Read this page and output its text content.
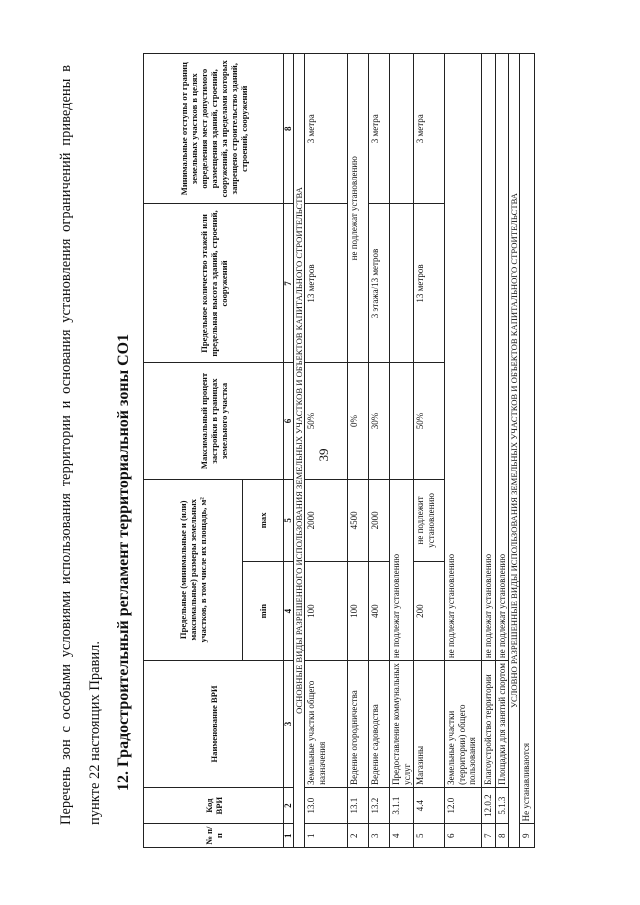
39
Перечень зон с особыми условиями использования территории и основания установления ограничений приведены в пункте 22 настоящих Правил. 12. Градостроительный регламент территориальной зоны СО1
№ п/п	Код ВРИ	Наименование ВРИ	Предельные (минимальные и (или) максимальные) размеры земельных участков, в том числе их площадь, м²		Максимальный процент застройки в границах земельного участка	Предельное количество этажей или предельная высота зданий, строений, сооружений	Минимальные отступы от границ земельных участков в целях определения мест допустимого размещения зданий, строений, сооружений, за пределами которых запрещено строительство зданий, строений, сооружений
			min	max			
1	2	3	4	5	6	7	8
ОСНОВНЫЕ ВИДЫ РАЗРЕШЕННОГО ИСПОЛЬЗОВАНИЯ ЗЕМЕЛЬНЫХ УЧАСТКОВ И ОБЪЕКТОВ КАПИТАЛЬНОГО СТРОИТЕЛЬСТВА							
1	13.0	Земельные участки общего назначения	100	2000	50%	13 метров	3 метра
2	13.1	Ведение огородничества	100	4500	0%	не подлежат установлению	
3	13.2	Ведение садоводства	400	2000	30%	3 этажа/13 метров	3 метра
4	3.1.1	Предоставление коммунальных услуг	не подлежат установлению				
5	4.4	Магазины	200	не подлежит установлению	50%	13 метров	3 метра
6	12.0	Земельные участки (территории) общего пользования	не подлежат установлению				
7	12.0.2	Благоустройство территории	не подлежат установлению				
8	5.1.3	Площадки для занятий спортом	не подлежат установлению				
УСЛОВНО РАЗРЕШЕННЫЕ ВИДЫ ИСПОЛЬЗОВАНИЯ ЗЕМЕЛЬНЫХ УЧАСТКОВ И ОБЪЕКТОВ КАПИТАЛЬНОГО СТРОИТЕЛЬСТВА							
9	Не устанавливаются						
